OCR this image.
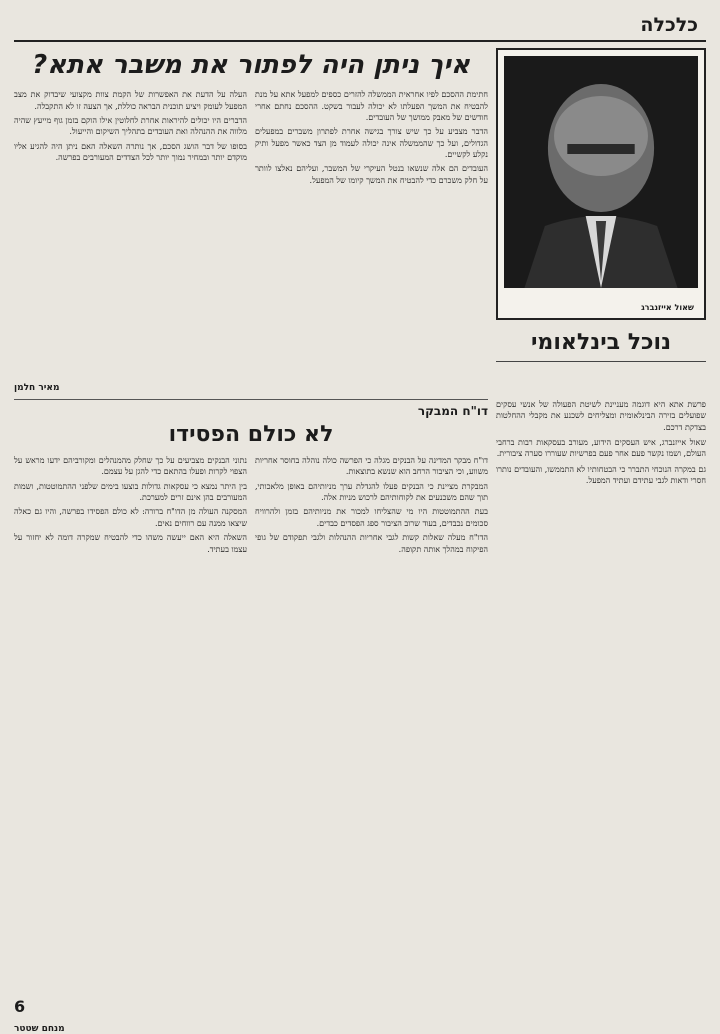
כלכלה
שאול אייזנברג
נוכל בינלאומי
איך ניתן היה לפתור את משבר אתא?

חתימת ההסכם לפיו אחראית הממשלה להזרים כספים למפעל אתא על מנת להבטיח את המשך הפעלתו לא יכולה לעבור בשקט. ההסכם נחתם אחרי חודשים של מאבק ממושך של העובדים.

הדבר מצביע על כך שיש צורך בגישה אחרת לפתרון משברים במפעלים הגדולים, ועל כך שהממשלה אינה יכולה לעמוד מן הצד כאשר מפעל ותיק נקלע לקשיים.

העובדים הם אלה שנשאו בנטל העיקרי של המשבר, ועליהם נאלצו לוותר על חלק משכרם כדי להבטיח את המשך קיומו של המפעל.

העלה על הדעת את האפשרות של הקמת צוות מקצועי שיבדוק את מצב המפעל לעומק ויציע תוכנית הבראה כוללת, אך הצעה זו לא התקבלה.

הדברים היו יכולים להיראות אחרת לחלוטין אילו הוקם בזמן גוף מייעץ שהיה מלווה את ההנהלה ואת העובדים בתהליך השיקום והייעול.

בסופו של דבר הושג הסכם, אך נותרה השאלה האם ניתן היה להגיע אליו מוקדם יותר ובמחיר נמוך יותר לכל הצדדים המעורבים בפרשה.

מאיר חלמן

פרשת אתא היא דוגמה מעניינת לשיטת הפעולה של אנשי עסקים שפועלים בזירה הבינלאומית ומצליחים לשכנע את מקבלי ההחלטות בצדקת דרכם.

שאול אייזנברג, איש העסקים הידוע, מעורב בעסקאות רבות ברחבי העולם, ושמו נקשר פעם אחר פעם בפרשיות שעוררו סערה ציבורית.

גם במקרה הנוכחי התברר כי הבטחותיו לא התממשו, והעובדים נותרו חסרי ודאות לגבי עתידם ועתיד המפעל.

דו"ח המבקר
לא כולם הפסידו

דו"ח מבקר המדינה על הבנקים מגלה כי הפרשה כולה נוהלה בחוסר אחריות משווע, וכי הציבור הרחב הוא שנשא בתוצאות.

המבקרת מציינת כי הבנקים פעלו להגדלת ערך מניותיהם באופן מלאכותי, תוך שהם משכנעים את לקוחותיהם לרכוש מניות אלה.

בעת ההתמוטטות היו מי שהצליחו למכור את מניותיהם בזמן ולהרוויח סכומים נכבדים, בעוד שרוב הציבור ספג הפסדים כבדים.

הדו"ח מעלה שאלות קשות לגבי אחריות ההנהלות ולגבי תפקודם של גופי הפיקוח במהלך אותה תקופה.

נתוני הבנקים מצביעים על כך שחלק מהמנהלים ומקורביהם ידעו מראש על הצפוי לקרות ופעלו בהתאם כדי להגן על עצמם.

בין היתר נמצא כי עסקאות גדולות בוצעו בימים שלפני ההתמוטטות, ושמות המעורבים בהן אינם זרים למערכת.

המסקנה העולה מן הדו"ח ברורה: לא כולם הפסידו בפרשה, והיו גם כאלה שיצאו ממנה עם רווחים נאים.

השאלה היא האם ייעשה משהו כדי להבטיח שמקרה דומה לא יחזור על עצמו בעתיד.

מנחם שטטר
6
